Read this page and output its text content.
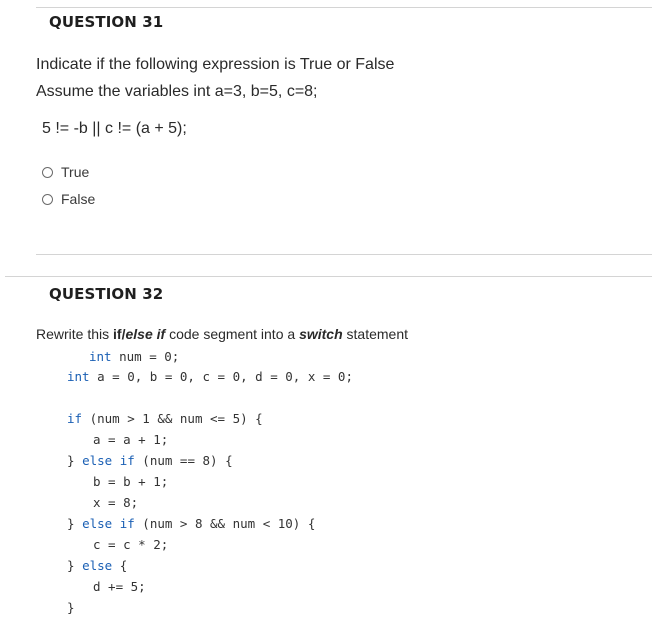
QUESTION 31
Indicate if the following expression is True or False
Assume the variables int a=3, b=5, c=8;
5 != -b || c != (a + 5);
True
False
QUESTION 32
Rewrite this if/else if code segment into a switch statement
int num = 0;
int a = 0, b = 0, c = 0, d = 0, x = 0;
if (num > 1 && num <= 5) {
a = a + 1;
} else if (num == 8) {
b = b + 1;
x = 8;
} else if (num > 8 && num < 10) {
c = c * 2;
} else {
d += 5;
}
